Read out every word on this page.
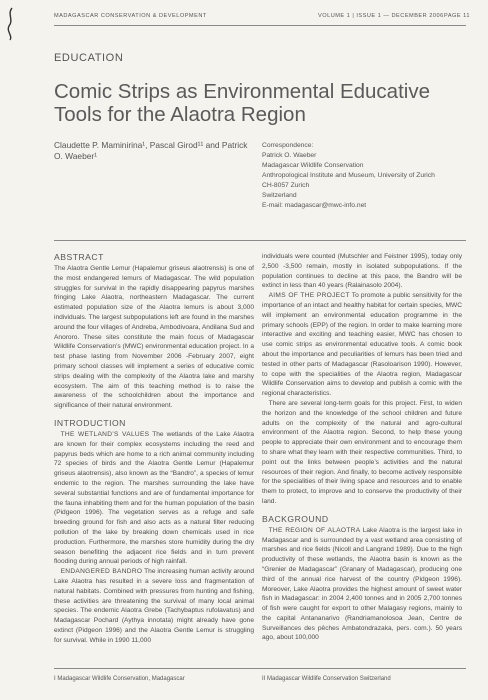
MADAGASCAR CONSERVATION & DEVELOPMENT	VOLUME 1 | ISSUE 1 — DECEMBER 2006 PAGE 11
EDUCATION
Comic Strips as Environmental Educative Tools for the Alaotra Region
Claudette P. Maminirina¹, Pascal Girod¹¹ and Patrick O. Waeber¹
Correspondence:
Patrick O. Waeber
Madagascar Wildlife Conservation
Anthropological Institute and Museum, University of Zurich
CH-8057 Zurich
Switzerland
E-mail: madagascar@mwc-info.net
ABSTRACT

The Alaotra Gentle Lemur (Hapalemur griseus alaotrensis) is one of the most endangered lemurs of Madagascar. The wild population struggles for survival in the rapidly disappearing papyrus marshes fringing Lake Alaotra, northeastern Madagascar. The current estimated population size of the Alaotra lemurs is about 3,000 individuals. The largest subpopulations left are found in the marshes around the four villages of Andreba, Ambodivoara, Andilana Sud and Anororo. These sites constitute the main focus of Madagascar Wildlife Conservation’s (MWC) environmental education project. In a test phase lasting from November 2006 -February 2007, eight primary school classes will implement a series of educative comic strips dealing with the complexity of the Alaotra lake and marshy ecosystem. The aim of this teaching method is to raise the awareness of the schoolchildren about the importance and significance of their natural environment.

INTRODUCTION

 THE WETLAND’S VALUES The wetlands of the Lake Alaotra are known for their complex ecosystems including the reed and papyrus beds which are home to a rich animal community including 72 species of birds and the Alaotra Gentle Lemur (Hapalemur griseus alaotrensis), also known as the “Bandro”, a species of lemur endemic to the region. The marshes surrounding the lake have several substantial functions and are of fundamental importance for the fauna inhabiting them and for the human population of the basin (Pidgeon 1996). The vegetation serves as a refuge and safe breeding ground for fish and also acts as a natural filter reducing pollution of the lake by breaking down chemicals used in rice production. Furthermore, the marshes store humidity during the dry season benefiting the adjacent rice fields and in turn prevent flooding during annual periods of high rainfall.

 ENDANGERED BANDRO The increasing human activity around Lake Alaotra has resulted in a severe loss and fragmentation of natural habitats. Combined with pressures from hunting and fishing, these activities are threatening the survival of many local animal species. The endemic Alaotra Grebe (Tachybaptus rufolavatus) and Madagascar Pochard (Aythya innotata) might already have gone extinct (Pidgeon 1996) and the Alaotra Gentle Lemur is struggling for survival. While in 1990 11,000

individuals were counted (Mutschler and Feistner 1995), today only 2,500 -3,500 remain, mostly in isolated subpopulations. If the population continues to decline at this pace, the Bandro will be extinct in less than 40 years (Ralainasolo 2004).

 AIMS OF THE PROJECT To promote a public sensitivity for the importance of an intact and healthy habitat for certain species, MWC will implement an environmental education programme in the primary schools (EPP) of the region. In order to make learning more interactive and exciting and teaching easier, MWC has chosen to use comic strips as environmental educative tools. A comic book about the importance and peculiarities of lemurs has been tried and tested in other parts of Madagascar (Rasoloarison 1990). However, to cope with the specialities of the Alaotra region, Madagascar Wildlife Conservation aims to develop and publish a comic with the regional characteristics.

 There are several long-term goals for this project. First, to widen the horizon and the knowledge of the school children and future adults on the complexity of the natural and agro-cultural environment of the Alaotra region. Second, to help these young people to appreciate their own environment and to encourage them to share what they learn with their respective communities. Third, to point out the links between people’s activities and the natural resources of their region. And finally, to become actively responsible for the specialities of their living space and resources and to enable them to protect, to improve and to conserve the productivity of their land.

BACKGROUND

 THE REGION OF ALAOTRA Lake Alaotra is the largest lake in Madagascar and is surrounded by a vast wetland area consisting of marshes and rice fields (Nicoll and Langrand 1989). Due to the high productivity of these wetlands, the Alaotra basin is known as the “Grenier de Madagascar” (Granary of Madagascar), producing one third of the annual rice harvest of the country (Pidgeon 1996). Moreover, Lake Alaotra provides the highest amount of sweet water fish in Madagascar: in 2004 2,400 tonnes and in 2005 2,700 tonnes of fish were caught for export to other Malagasy regions, mainly to the capital Antananarivo (Randriamanolosoa Jean, Centre de Surveillances des pêches Ambatondrazaka, pers. com.). 50 years ago, about 100,000

I Madagascar Wildlife Conservation, Madagascar	II Madagascar Wildlife Conservation Switzerland
